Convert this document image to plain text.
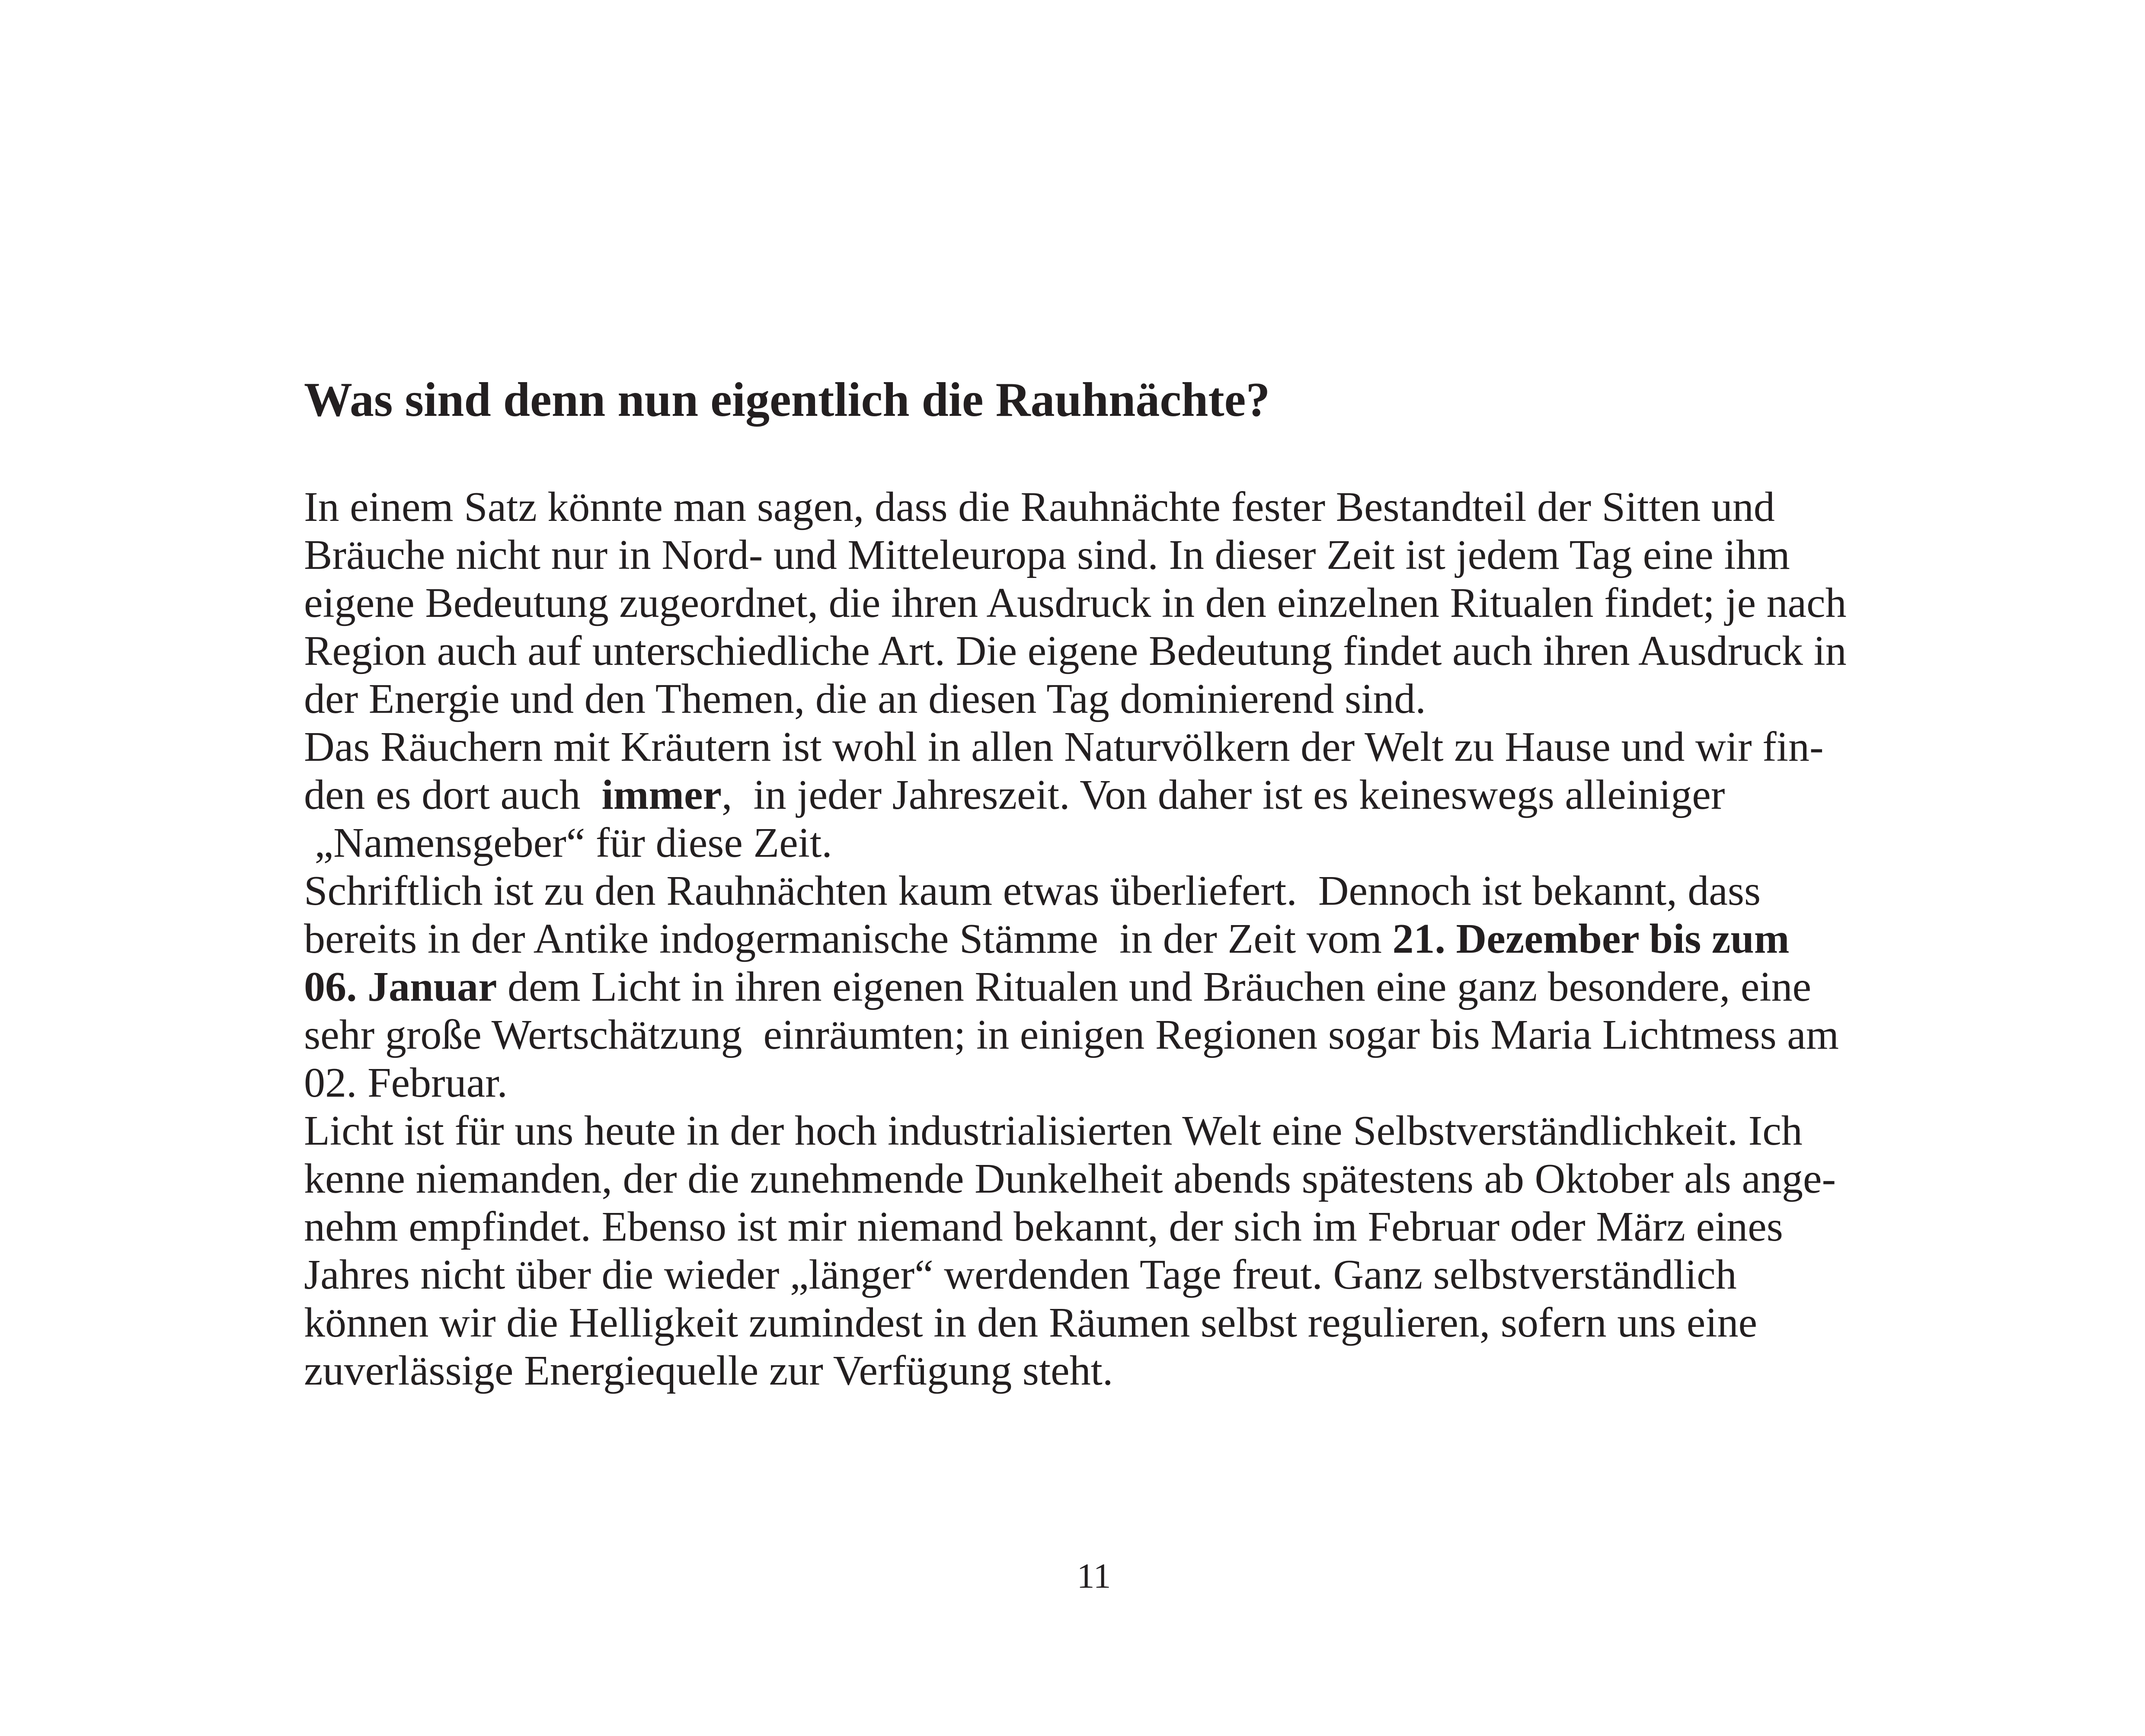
Was sind denn nun eigentlich die Rauhnächte?
In einem Satz könnte man sagen, dass die Rauhnächte fester Bestandteil der Sitten und
Bräuche nicht nur in Nord- und Mitteleuropa sind. In dieser Zeit ist jedem Tag eine ihm
eigene Bedeutung zugeordnet, die ihren Ausdruck in den einzelnen Ritualen findet; je nach
Region auch auf unterschiedliche Art. Die eigene Bedeutung findet auch ihren Ausdruck in
der Energie und den Themen, die an diesen Tag dominierend sind.
Das Räuchern mit Kräutern ist wohl in allen Naturvölkern der Welt zu Hause und wir fin-
den es dort auch  immer,  in jeder Jahreszeit. Von daher ist es keineswegs alleiniger
„Namensgeber“ für diese Zeit.
Schriftlich ist zu den Rauhnächten kaum etwas überliefert.  Dennoch ist bekannt, dass
bereits in der Antike indogermanische Stämme  in der Zeit vom 21. Dezember bis zum
06. Januar dem Licht in ihren eigenen Ritualen und Bräuchen eine ganz besondere, eine
sehr große Wertschätzung  einräumten; in einigen Regionen sogar bis Maria Lichtmess am
02. Februar.
Licht ist für uns heute in der hoch industrialisierten Welt eine Selbstverständlichkeit. Ich
kenne niemanden, der die zunehmende Dunkelheit abends spätestens ab Oktober als ange-
nehm empfindet. Ebenso ist mir niemand bekannt, der sich im Februar oder März eines
Jahres nicht über die wieder „länger“ werdenden Tage freut. Ganz selbstverständlich
können wir die Helligkeit zumindest in den Räumen selbst regulieren, sofern uns eine
zuverlässige Energiequelle zur Verfügung steht.
11
